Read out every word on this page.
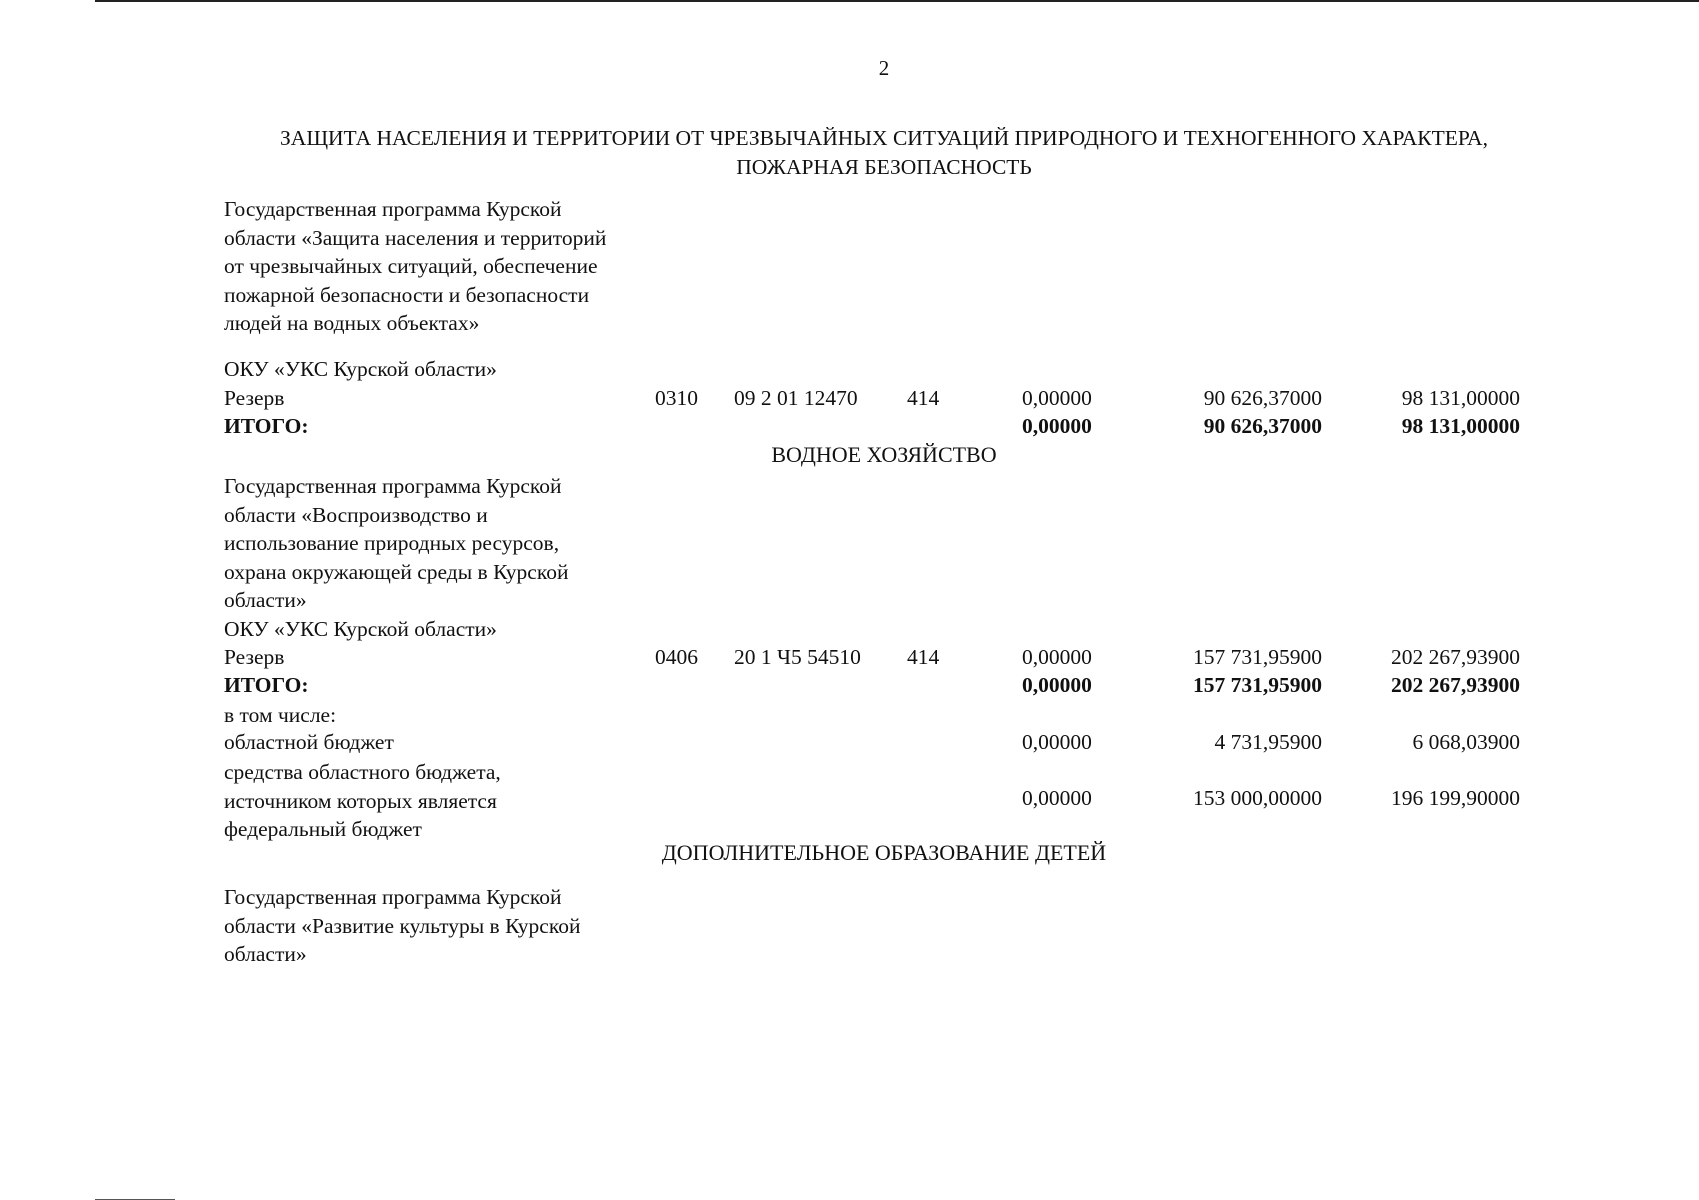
2
ЗАЩИТА НАСЕЛЕНИЯ И ТЕРРИТОРИИ ОТ ЧРЕЗВЫЧАЙНЫХ СИТУАЦИЙ ПРИРОДНОГО И ТЕХНОГЕННОГО ХАРАКТЕРА,
ПОЖАРНАЯ БЕЗОПАСНОСТЬ
Государственная программа Курской
области «Защита населения и территорий
от чрезвычайных ситуаций, обеспечение
пожарной безопасности и безопасности
людей на водных объектах»
ОКУ «УКС Курской области»
Резерв	0310 09 2 01 12470 414	0,00000	90 626,37000	98 131,00000
ИТОГО:	0,00000	90 626,37000	98 131,00000
ВОДНОЕ ХОЗЯЙСТВО
Государственная программа Курской
области «Воспроизводство и
использование природных ресурсов,
охрана окружающей среды в Курской
области»
ОКУ «УКС Курской области»
Резерв	0406 20 1 Ч5 54510 414	0,00000	157 731,95900	202 267,93900
ИТОГО:	0,00000	157 731,95900	202 267,93900
в том числе:
областной бюджет	0,00000	4 731,95900	6 068,03900
средства областного бюджета,
источником которых является
федеральный бюджет
0,00000	153 000,00000	196 199,90000
ДОПОЛНИТЕЛЬНОЕ ОБРАЗОВАНИЕ ДЕТЕЙ
Государственная программа Курской
области «Развитие культуры в Курской
области»
